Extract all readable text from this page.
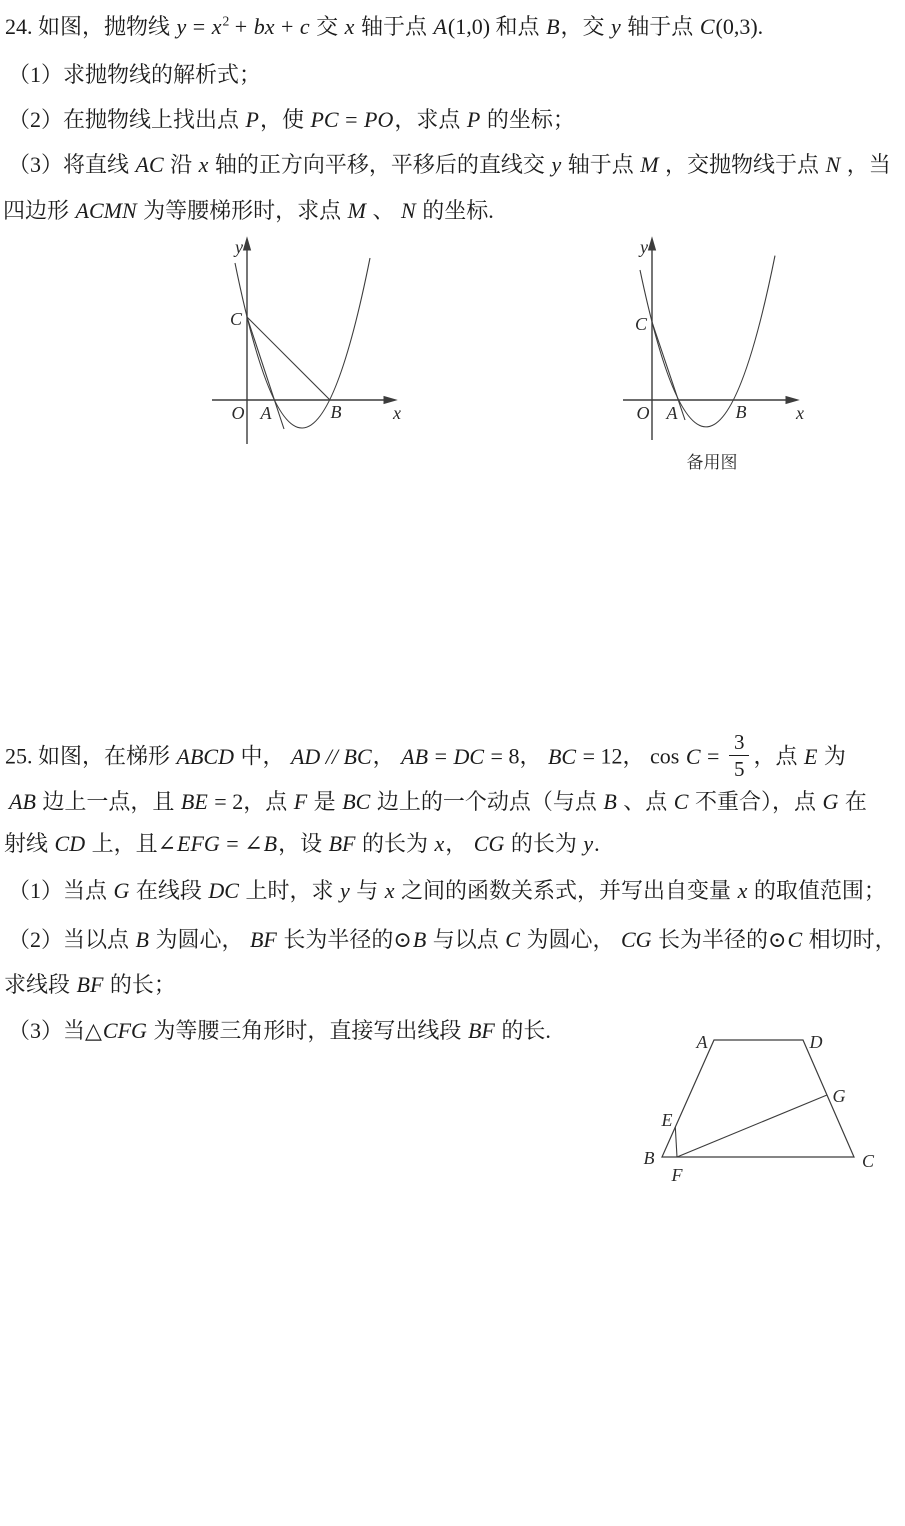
24. 如图，抛物线 $y = x^2$ + bx + c 交 x 轴于点 A(1,0) 和点 B，交 y 轴于点 C(0,3).
（1）求抛物线的解析式；
（2）在抛物线上找出点 P，使 PC = PO，求点 P 的坐标；
（3）将直线 AC 沿 x 轴的正方向平移，平移后的直线交 y 轴于点 M ，交抛物线于点 N ，当
四边形 ACMN 为等腰梯形时，求点 M 、 N 的坐标.
y
C
O A	B	x
y
C
O A	B	x
备用图
25. 如图，在梯形 ABCD 中， AD // BC， AB = DC = 8， BC = 12， $\cos C = \frac{3}{5}$ ，点 E 为
AB 边上一点，且 BE = 2，点 F 是 BC 边上的一个动点（与点 B 、点 C 不重合），点 G 在
射线 CD 上，且∠EFG = ∠B，设 BF 的长为 x， CG 的长为 y.
（1）当点 G 在线段 DC 上时，求 y 与 x 之间的函数关系式，并写出自变量 x 的取值范围；
（2）当以点 B 为圆心， BF 长为半径的⊙B 与以点 C 为圆心， CG 长为半径的⊙C 相切时，
求线段 BF 的长；
（3）当△CFG 为等腰三角形时，直接写出线段 BF 的长.	A	D
G
E
B
F
C
